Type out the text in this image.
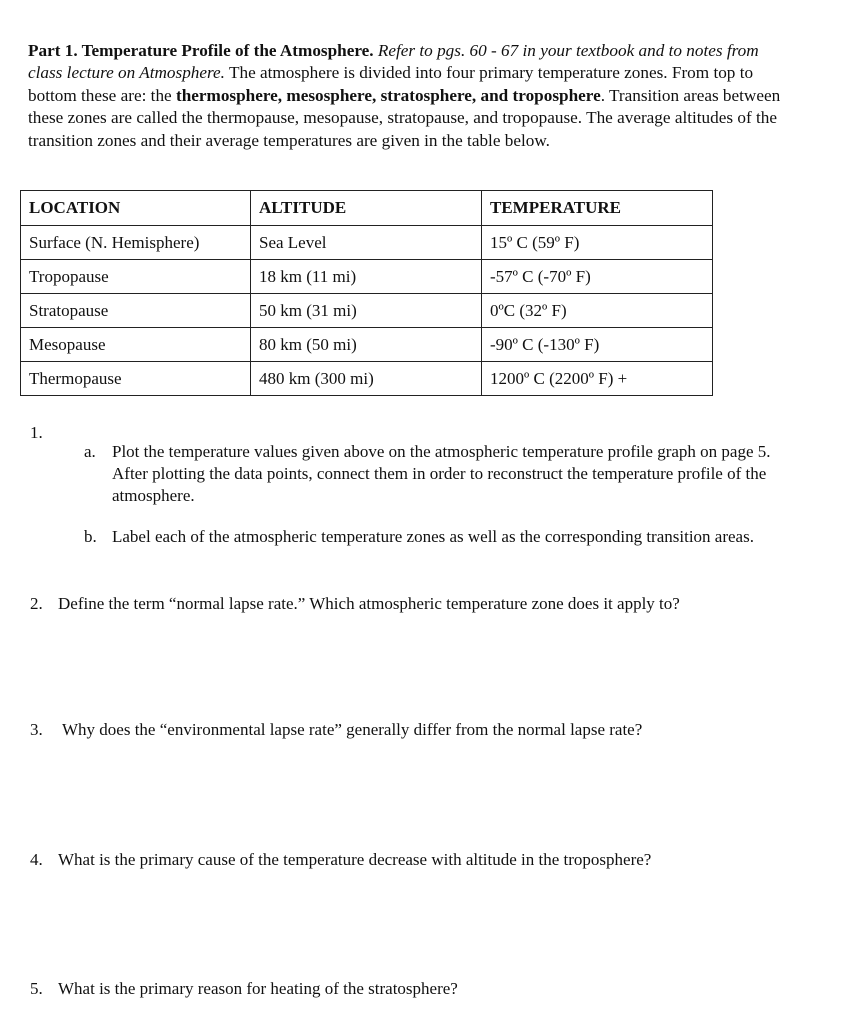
Part 1. Temperature Profile of the Atmosphere. Refer to pgs. 60 - 67 in your textbook and to notes from class lecture on Atmosphere. The atmosphere is divided into four primary temperature zones. From top to bottom these are: the thermosphere, mesosphere, stratosphere, and troposphere. Transition areas between these zones are called the thermopause, mesopause, stratopause, and tropopause. The average altitudes of the transition zones and their average temperatures are given in the table below.
LOCATION	ALTITUDE	TEMPERATURE
Surface (N. Hemisphere)	Sea Level	15º C (59º F)
Tropopause	18 km (11 mi)	-57º C (-70º F)
Stratopause	50 km (31 mi)	0ºC (32º F)
Mesopause	80 km (50 mi)	-90º C (-130º F)
Thermopause	480 km (300 mi)	1200º C (2200º F) +
1.
a. Plot the temperature values given above on the atmospheric temperature profile graph on page 5. After plotting the data points, connect them in order to reconstruct the temperature profile of the atmosphere.
b. Label each of the atmospheric temperature zones as well as the corresponding transition areas.
2. Define the term “normal lapse rate.” Which atmospheric temperature zone does it apply to?
3. Why does the “environmental lapse rate” generally differ from the normal lapse rate?
4. What is the primary cause of the temperature decrease with altitude in the troposphere?
5. What is the primary reason for heating of the stratosphere?
